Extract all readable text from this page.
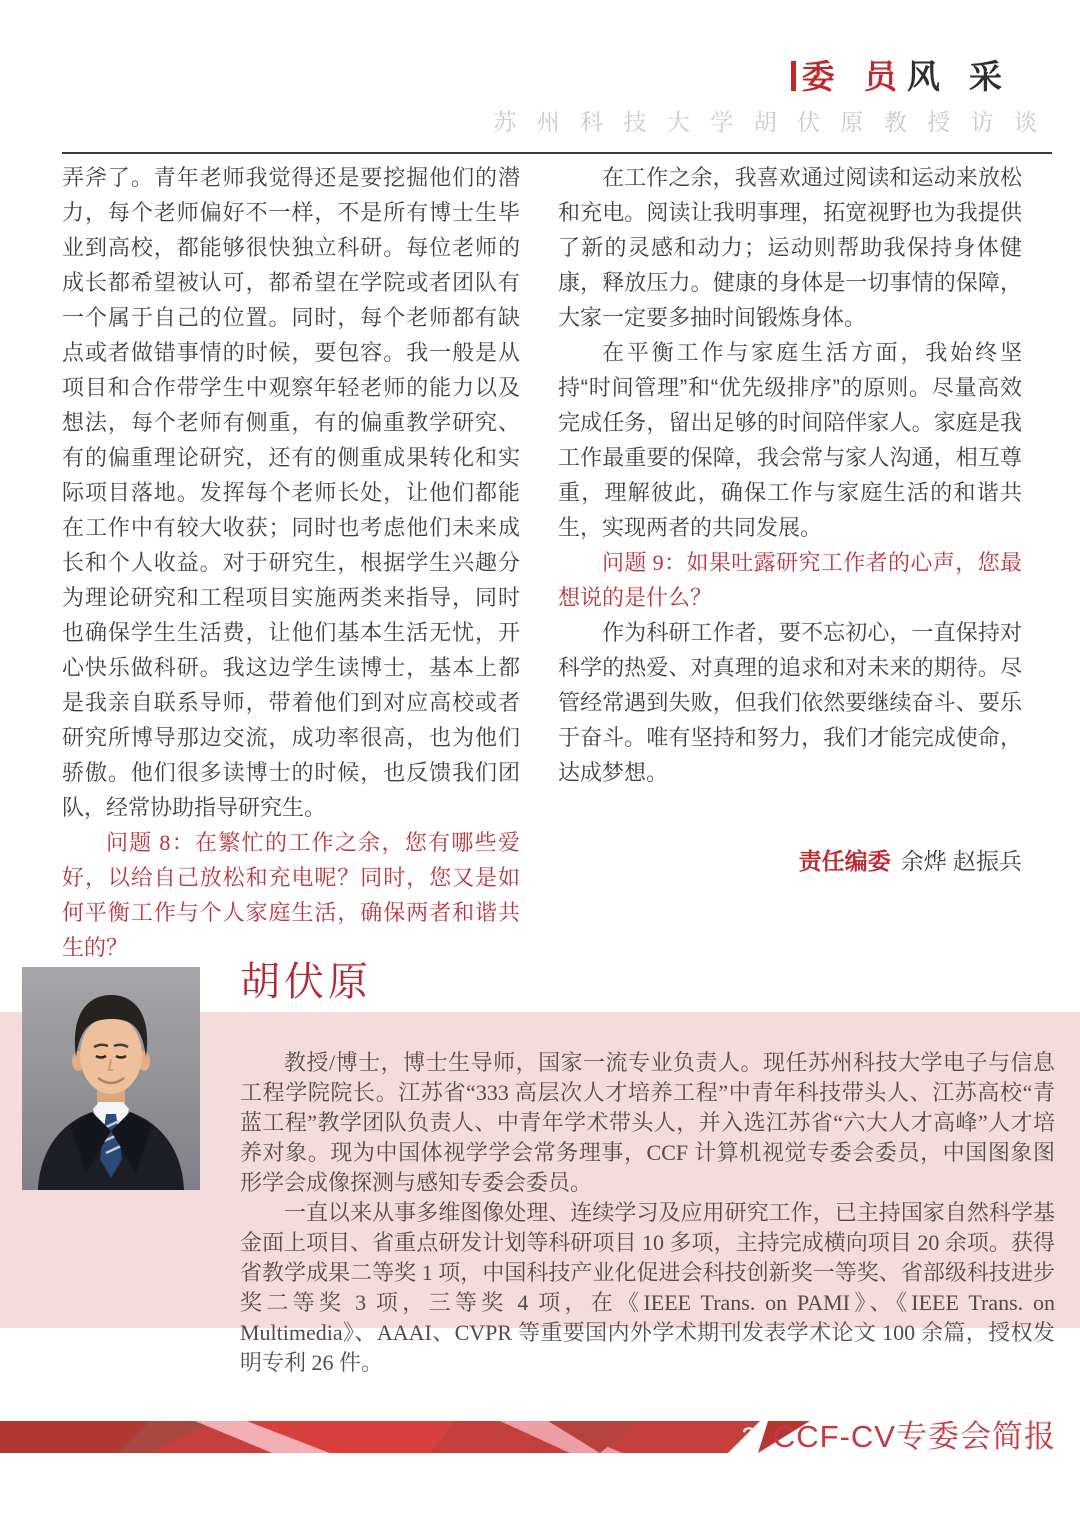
委 员风 采
苏 州 科 技 大 学 胡 伏 原 教 授 访 谈

弄斧了。青年老师我觉得还是要挖掘他们的潜力，每个老师偏好不一样，不是所有博士生毕业到高校，都能够很快独立科研。每位老师的成长都希望被认可，都希望在学院或者团队有一个属于自己的位置。同时，每个老师都有缺点或者做错事情的时候，要包容。我一般是从项目和合作带学生中观察年轻老师的能力以及想法，每个老师有侧重，有的偏重教学研究、有的偏重理论研究，还有的侧重成果转化和实际项目落地。发挥每个老师长处，让他们都能在工作中有较大收获；同时也考虑他们未来成长和个人收益。对于研究生，根据学生兴趣分为理论研究和工程项目实施两类来指导，同时也确保学生生活费，让他们基本生活无忧，开心快乐做科研。我这边学生读博士，基本上都是我亲自联系导师，带着他们到对应高校或者研究所博导那边交流，成功率很高，也为他们骄傲。他们很多读博士的时候，也反馈我们团队，经常协助指导研究生。

问题 8：在繁忙的工作之余，您有哪些爱好，以给自己放松和充电呢？同时，您又是如何平衡工作与个人家庭生活，确保两者和谐共生的？

在工作之余，我喜欢通过阅读和运动来放松和充电。阅读让我明事理，拓宽视野也为我提供了新的灵感和动力；运动则帮助我保持身体健康，释放压力。健康的身体是一切事情的保障，大家一定要多抽时间锻炼身体。

在平衡工作与家庭生活方面，我始终坚持“时间管理”和“优先级排序”的原则。尽量高效完成任务，留出足够的时间陪伴家人。家庭是我工作最重要的保障，我会常与家人沟通，相互尊重，理解彼此，确保工作与家庭生活的和谐共生，实现两者的共同发展。

问题 9：如果吐露研究工作者的心声，您最想说的是什么？

作为科研工作者，要不忘初心，一直保持对科学的热爱、对真理的追求和对未来的期待。尽管经常遇到失败，但我们依然要继续奋斗、要乐于奋斗。唯有坚持和努力，我们才能完成使命，达成梦想。

责任编委 余烨 赵振兵
胡伏原

教授/博士，博士生导师，国家一流专业负责人。现任苏州科技大学电子与信息工程学院院长。江苏省“333 高层次人才培养工程”中青年科技带头人、江苏高校“青蓝工程”教学团队负责人、中青年学术带头人，并入选江苏省“六大人才高峰”人才培养对象。现为中国体视学学会常务理事，CCF 计算机视觉专委会委员，中国图象图形学会成像探测与感知专委会委员。

一直以来从事多维图像处理、连续学习及应用研究工作，已主持国家自然科学基金面上项目、省重点研发计划等科研项目 10 多项，主持完成横向项目 20 余项。获得省教学成果二等奖 1 项，中国科技产业化促进会科技创新奖一等奖、省部级科技进步奖二等奖 3 项，三等奖 4 项，在《IEEE Trans. on PAMI》、《IEEE Trans. on Multimedia》、AAAI、CVPR 等重要国内外学术期刊发表学术论文 100 余篇，授权发明专利 26 件。

3 CCF-CV专委会简报
